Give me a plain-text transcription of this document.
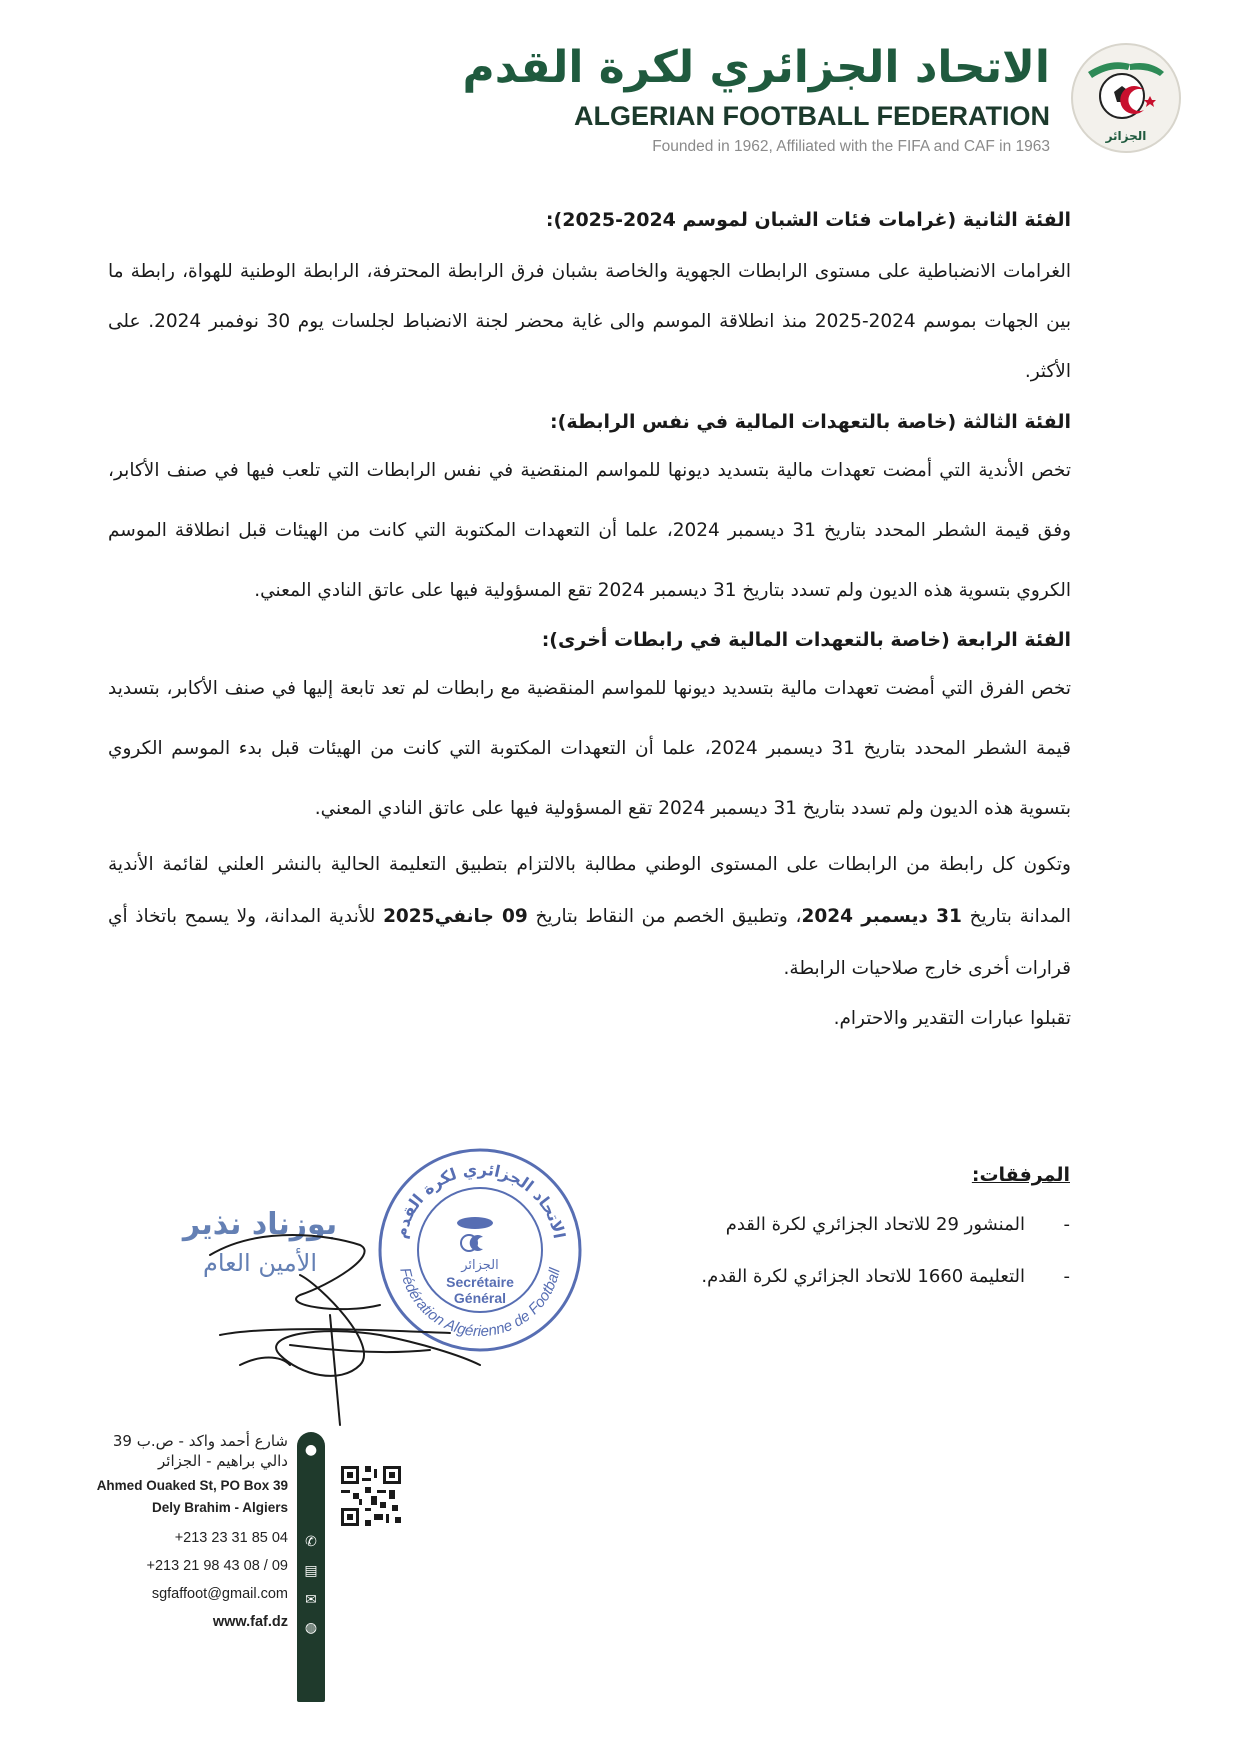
الاتحاد الجزائري لكرة القدم
ALGERIAN FOOTBALL FEDERATION
Founded in 1962, Affiliated with the FIFA and CAF in 1963
الجزائر
الفئة الثانية (غرامات فئات الشبان لموسم 2024-2025):
الغرامات الانضباطية على مستوى الرابطات الجهوية والخاصة بشبان فرق الرابطة المحترفة، الرابطة الوطنية للهواة، رابطة ما بين الجهات بموسم 2024-2025 منذ انطلاقة الموسم والى غاية محضر لجنة الانضباط لجلسات يوم 30 نوفمبر 2024. على الأكثر.
الفئة الثالثة (خاصة بالتعهدات المالية في نفس الرابطة):
تخص الأندية التي أمضت تعهدات مالية بتسديد ديونها للمواسم المنقضية في نفس الرابطات التي تلعب فيها في صنف الأكابر، وفق قيمة الشطر المحدد بتاريخ 31 ديسمبر 2024، علما أن التعهدات المكتوبة التي كانت من الهيئات قبل انطلاقة الموسم الكروي بتسوية هذه الديون ولم تسدد بتاريخ 31 ديسمبر 2024 تقع المسؤولية فيها على عاتق النادي المعني.
الفئة الرابعة (خاصة بالتعهدات المالية في رابطات أخرى):
تخص الفرق التي أمضت تعهدات مالية بتسديد ديونها للمواسم المنقضية مع رابطات لم تعد تابعة إليها في صنف الأكابر، بتسديد قيمة الشطر المحدد بتاريخ 31 ديسمبر 2024، علما أن التعهدات المكتوبة التي كانت من الهيئات قبل بدء الموسم الكروي بتسوية هذه الديون ولم تسدد بتاريخ 31 ديسمبر 2024 تقع المسؤولية فيها على عاتق النادي المعني.
وتكون كل رابطة من الرابطات على المستوى الوطني مطالبة بالالتزام بتطبيق التعليمة الحالية بالنشر العلني لقائمة الأندية المدانة بتاريخ 31 ديسمبر 2024، وتطبيق الخصم من النقاط بتاريخ 09 جانفي2025 للأندية المدانة، ولا يسمح باتخاذ أي قرارات أخرى خارج صلاحيات الرابطة.
تقبلوا عبارات التقدير والاحترام.
المرفقات:
-
المنشور 29 للاتحاد الجزائري لكرة القدم
-
التعليمة 1660 للاتحاد الجزائري لكرة القدم.
بوزناد نذير
الأمين العام
الاتحاد الجزائري لكرة القدم
Fédération Algérienne de Football
الجزائر
Secrétaire
Général
●
✆
▤
✉
◍
شارع أحمد واكد - ص.ب 39
دالي براهيم - الجزائر
Ahmed Ouaked St, PO Box 39
Dely Brahim - Algiers
+213 23 31 85 04
+213 21 98 43 08 / 09
sgfaffoot@gmail.com
www.faf.dz
